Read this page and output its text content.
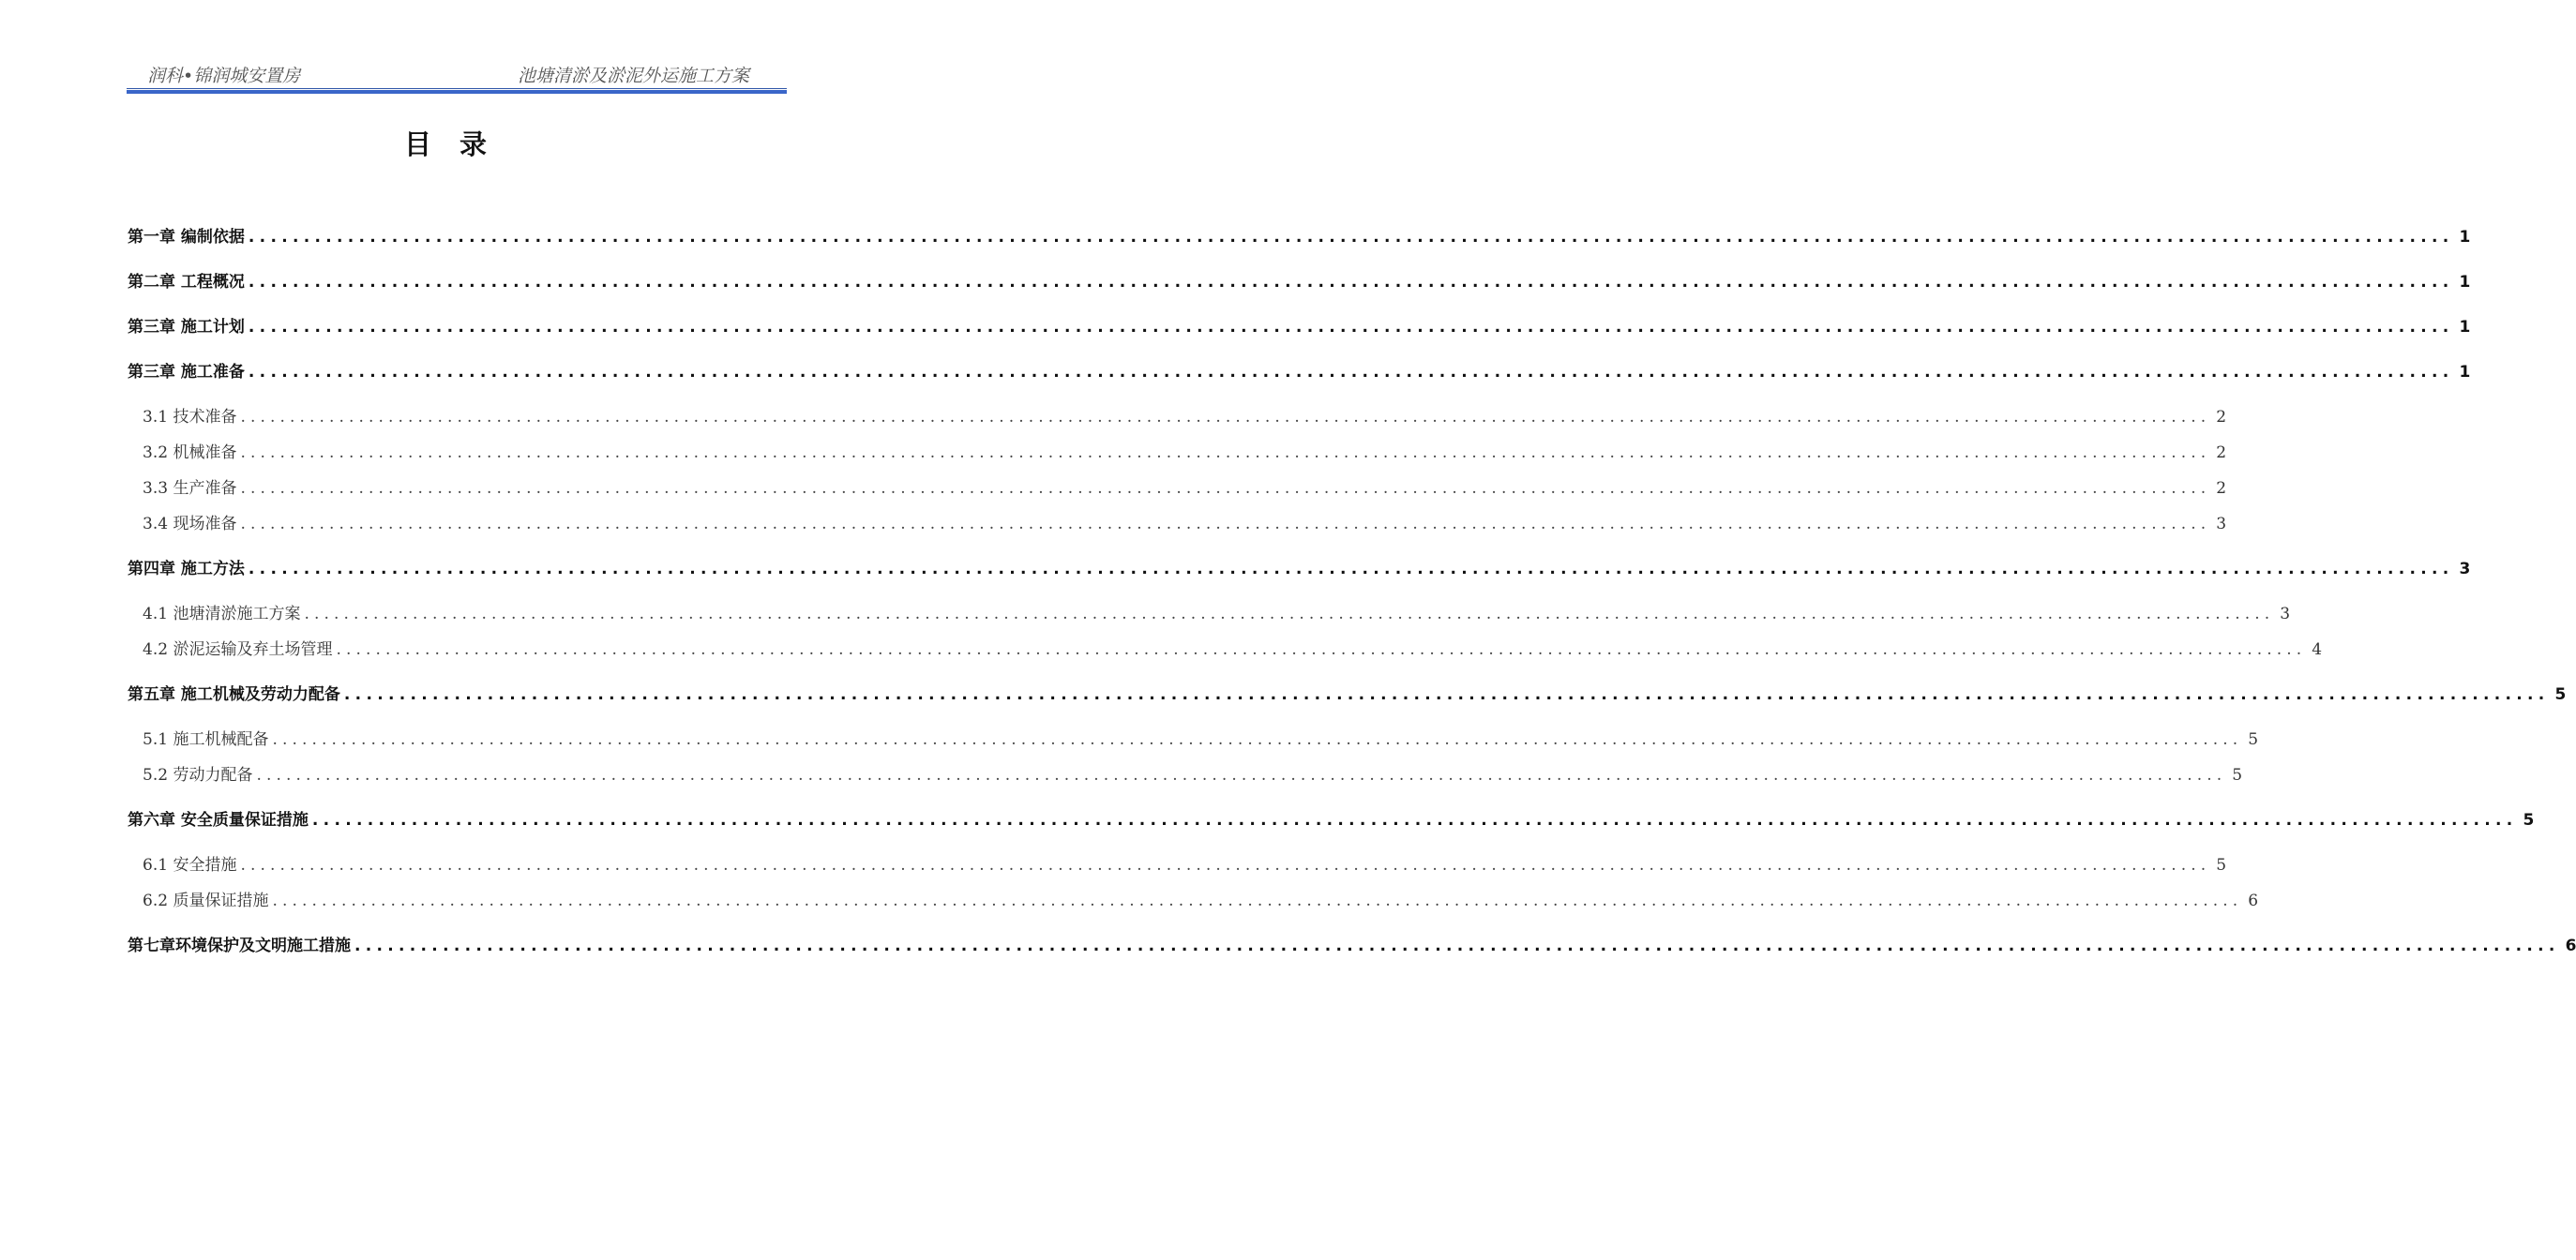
润科•锦润城安置房	池塘清淤及淤泥外运施工方案
目录
第一章 编制依据 ........................................................................................................................................................................................................ 1
第二章 工程概况 ........................................................................................................................................................................................................ 1
第三章 施工计划 ........................................................................................................................................................................................................ 1
第三章 施工准备 ........................................................................................................................................................................................................ 1
3.1 技术准备 ........................................................................................................................................................................................................ 2
3.2 机械准备 ........................................................................................................................................................................................................ 2
3.3 生产准备 ........................................................................................................................................................................................................ 2
3.4 现场准备 ........................................................................................................................................................................................................ 3
第四章 施工方法 ........................................................................................................................................................................................................ 3
4.1 池塘清淤施工方案 ........................................................................................................................................................................................................ 3
4.2 淤泥运输及弃土场管理 ........................................................................................................................................................................................................ 4
第五章 施工机械及劳动力配备 ........................................................................................................................................................................................................ 5
5.1 施工机械配备 ........................................................................................................................................................................................................ 5
5.2 劳动力配备 ........................................................................................................................................................................................................ 5
第六章 安全质量保证措施 ........................................................................................................................................................................................................ 5
6.1 安全措施 ........................................................................................................................................................................................................ 5
6.2 质量保证措施 ........................................................................................................................................................................................................ 6
第七章环境保护及文明施工措施 ........................................................................................................................................................................................................ 6
